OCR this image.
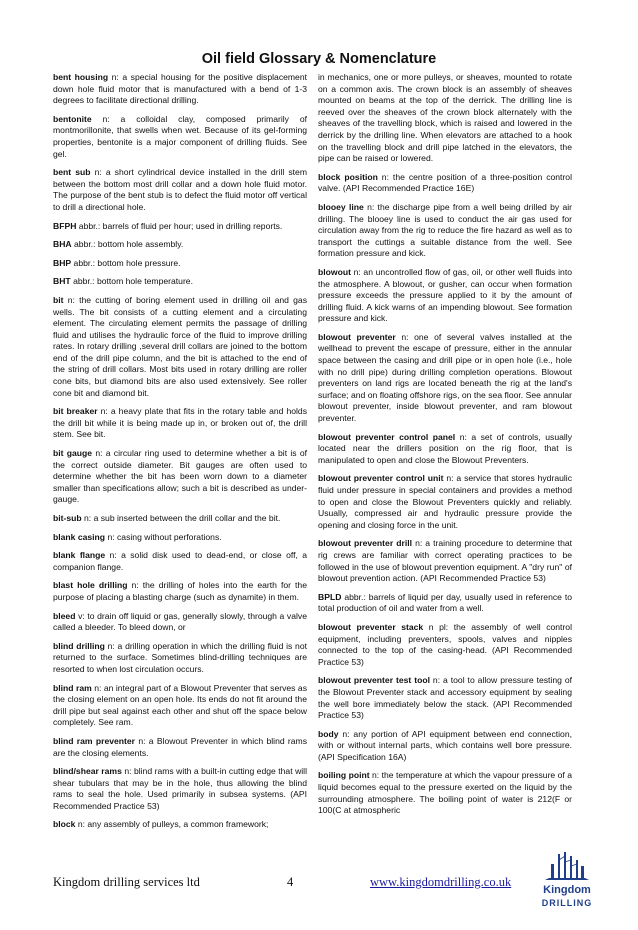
Oil field Glossary & Nomenclature

bent housing n: a special housing for the positive displacement down hole fluid motor that is manufactured with a bend of 1-3 degrees to facilitate directional drilling.

bentonite n: a colloidal clay, composed primarily of montmorillonite, that swells when wet. Because of its gel-forming properties, bentonite is a major component of drilling fluids. See gel.

bent sub n: a short cylindrical device installed in the drill stem between the bottom most drill collar and a down hole fluid motor. The purpose of the bent stub is to defect the fluid motor off vertical to drill a directional hole.

BFPH abbr.: barrels of fluid per hour; used in drilling reports.

BHA abbr.: bottom hole assembly.

BHP abbr.: bottom hole pressure.

BHT abbr.: bottom hole temperature.

bit n: the cutting of boring element used in drilling oil and gas wells. The bit consists of a cutting element and a circulating element. The circulating element permits the passage of drilling fluid and utilises the hydraulic force of the fluid to improve drilling rates. In rotary drilling ,several drill collars are joined to the bottom end of the drill pipe column, and the bit is attached to the end of the string of drill collars. Most bits used in rotary drilling are roller cone bits, but diamond bits are also used extensively. See roller cone bit and diamond bit.

bit breaker n: a heavy plate that fits in the rotary table and holds the drill bit while it is being made up in, or broken out of, the drill stem. See bit.

bit gauge n: a circular ring used to determine whether a bit is of the correct outside diameter. Bit gauges are often used to determine whether the bit has been worn down to a diameter smaller than specifications allow; such a bit is described as under-gauge.

bit-sub n: a sub inserted between the drill collar and the bit.

blank casing n: casing without perforations.

blank flange n: a solid disk used to dead-end, or close off, a companion flange.

blast hole drilling n: the drilling of holes into the earth for the purpose of placing a blasting charge (such as dynamite) in them.

bleed v: to drain off liquid or gas, generally slowly, through a valve called a bleeder. To bleed down, or

blind drilling n: a drilling operation in which the drilling fluid is not returned to the surface. Sometimes blind-drilling techniques are resorted to when lost circulation occurs.

blind ram n: an integral part of a Blowout Preventer that serves as the closing element on an open hole. Its ends do not fit around the drill pipe but seal against each other and shut off the space below completely. See ram.

blind ram preventer n: a Blowout Preventer in which blind rams are the closing elements.

blind/shear rams n: blind rams with a built-in cutting edge that will shear tubulars that may be in the hole, thus allowing the blind rams to seal the hole. Used primarily in subsea systems. (API Recommended Practice 53)

block n: any assembly of pulleys, a common framework;

in mechanics, one or more pulleys, or sheaves, mounted to rotate on a common axis. The crown block is an assembly of sheaves mounted on beams at the top of the derrick. The drilling line is reeved over the sheaves of the crown block alternately with the sheaves of the travelling block, which is raised and lowered in the derrick by the drilling line. When elevators are attached to a hook on the travelling block and drill pipe latched in the elevators, the pipe can be raised or lowered.

block position n: the centre position of a three-position control valve. (API Recommended Practice 16E)

blooey line n: the discharge pipe from a well being drilled by air drilling. The blooey line is used to conduct the air gas used for circulation away from the rig to reduce the fire hazard as well as to transport the cuttings a suitable distance from the well. See formation pressure and kick.

blowout n: an uncontrolled flow of gas, oil, or other well fluids into the atmosphere. A blowout, or gusher, can occur when formation pressure exceeds the pressure applied to it by the amount of drilling fluid. A kick warns of an impending blowout. See formation pressure and kick.

blowout preventer n: one of several valves installed at the wellhead to prevent the escape of pressure, either in the annular space between the casing and drill pipe or in open hole (i.e., hole with no drill pipe) during drilling completion operations. Blowout preventers on land rigs are located beneath the rig at the land's surface; and on floating offshore rigs, on the sea floor. See annular blowout preventer, inside blowout preventer, and ram blowout preventer.

blowout preventer control panel n: a set of controls, usually located near the drillers position on the rig floor, that is manipulated to open and close the Blowout Preventers.

blowout preventer control unit n: a service that stores hydraulic fluid under pressure in special containers and provides a method to open and close the Blowout Preventers quickly and reliably. Usually, compressed air and hydraulic pressure provide the opening and closing force in the unit.

blowout preventer drill n: a training procedure to determine that rig crews are familiar with correct operating practices to be followed in the use of blowout prevention equipment. A "dry run" of blowout prevention action. (API Recommended Practice 53)

BPLD abbr.: barrels of liquid per day, usually used in reference to total production of oil and water from a well.

blowout preventer stack n pl: the assembly of well control equipment, including preventers, spools, valves and nipples connected to the top of the casing-head. (API Recommended Practice 53)

blowout preventer test tool n: a tool to allow pressure testing of the Blowout Preventer stack and accessory equipment by sealing the well bore immediately below the stack. (API Recommended Practice 53)

body n: any portion of API equipment between end connection, with or without internal parts, which contains well bore pressure. (API Specification 16A)

boiling point n: the temperature at which the vapour pressure of a liquid becomes equal to the pressure exerted on the liquid by the surrounding atmosphere. The boiling point of water is 212(F or 100(C at atmospheric

Kingdom drilling services ltd	4	www.kingdomdrilling.co.uk
Kingdom
DRILLING
